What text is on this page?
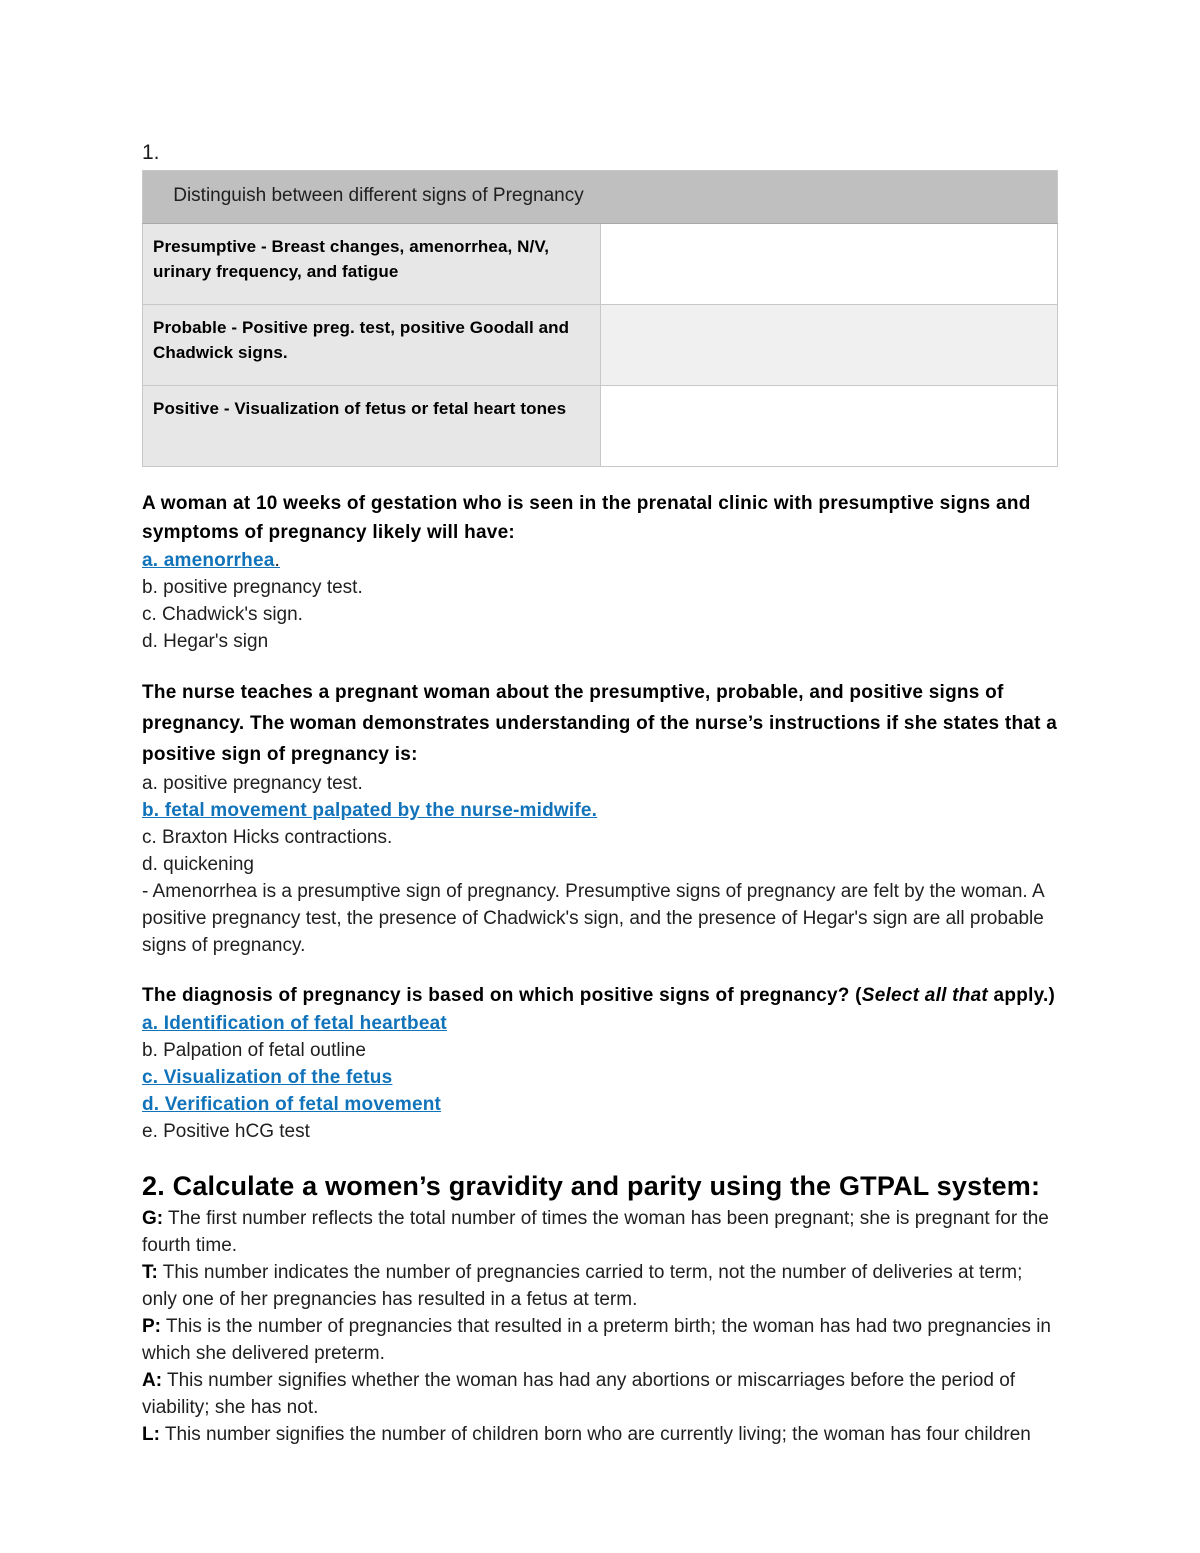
1.
Distinguish between different signs of Pregnancy	

Presumptive - Breast changes, amenorrhea, N/V, urinary frequency, and fatigue	
Probable - Positive preg. test, positive Goodall and Chadwick signs.	
Positive - Visualization of fetus or fetal heart tones	
A woman at 10 weeks of gestation who is seen in the prenatal clinic with presumptive signs and symptoms of pregnancy likely will have:
a. amenorrhea.
b. positive pregnancy test.
c. Chadwick's sign.
d. Hegar's sign
The nurse teaches a pregnant woman about the presumptive, probable, and positive signs of pregnancy. The woman demonstrates understanding of the nurse’s instructions if she states that a positive sign of pregnancy is:
a. positive pregnancy test.
b. fetal movement palpated by the nurse-midwife.
c. Braxton Hicks contractions.
d. quickening
- Amenorrhea is a presumptive sign of pregnancy. Presumptive signs of pregnancy are felt by the woman. A positive pregnancy test, the presence of Chadwick's sign, and the presence of Hegar's sign are all probable signs of pregnancy.
The diagnosis of pregnancy is based on which positive signs of pregnancy? (Select all that apply.)
a. Identification of fetal heartbeat
b. Palpation of fetal outline
c. Visualization of the fetus
d. Verification of fetal movement
e. Positive hCG test
2. Calculate a women’s gravidity and parity using the GTPAL system:
G: The first number reflects the total number of times the woman has been pregnant; she is pregnant for the fourth time.
T: This number indicates the number of pregnancies carried to term, not the number of deliveries at term; only one of her pregnancies has resulted in a fetus at term.
P: This is the number of pregnancies that resulted in a preterm birth; the woman has had two pregnancies in which she delivered preterm.
A: This number signifies whether the woman has had any abortions or miscarriages before the period of viability; she has not.
L: This number signifies the number of children born who are currently living; the woman has four children
